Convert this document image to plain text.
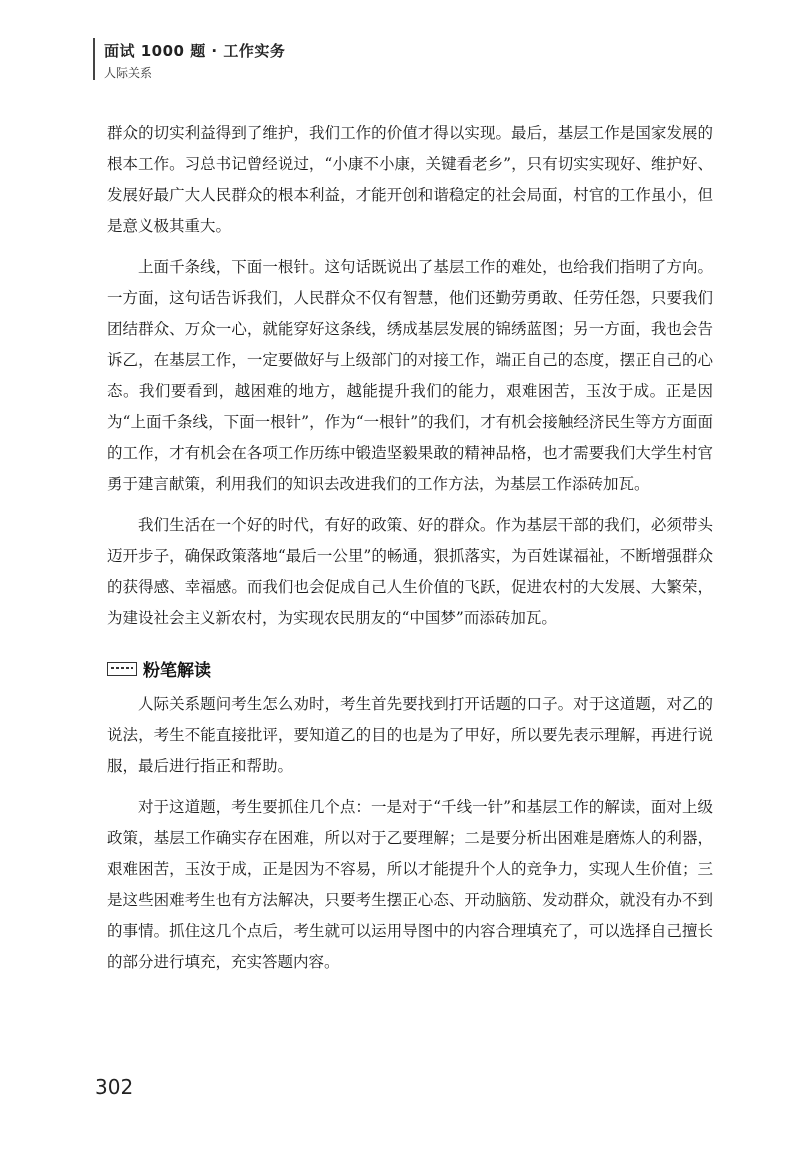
面试 1000 题 · 工作实务
人际关系

群众的切实利益得到了维护，我们工作的价值才得以实现。最后，基层工作是国家发展的根本工作。习总书记曾经说过，“小康不小康，关键看老乡”，只有切实实现好、维护好、发展好最广大人民群众的根本利益，才能开创和谐稳定的社会局面，村官的工作虽小，但是意义极其重大。

上面千条线，下面一根针。这句话既说出了基层工作的难处，也给我们指明了方向。一方面，这句话告诉我们，人民群众不仅有智慧，他们还勤劳勇敢、任劳任怨，只要我们团结群众、万众一心，就能穿好这条线，绣成基层发展的锦绣蓝图；另一方面，我也会告诉乙，在基层工作，一定要做好与上级部门的对接工作，端正自己的态度，摆正自己的心态。我们要看到，越困难的地方，越能提升我们的能力，艰难困苦，玉汝于成。正是因为“上面千条线，下面一根针”，作为“一根针”的我们，才有机会接触经济民生等方方面面的工作，才有机会在各项工作历练中锻造坚毅果敢的精神品格，也才需要我们大学生村官勇于建言献策，利用我们的知识去改进我们的工作方法，为基层工作添砖加瓦。

我们生活在一个好的时代，有好的政策、好的群众。作为基层干部的我们，必须带头迈开步子，确保政策落地“最后一公里”的畅通，狠抓落实，为百姓谋福祉，不断增强群众的获得感、幸福感。而我们也会促成自己人生价值的飞跃，促进农村的大发展、大繁荣，为建设社会主义新农村，为实现农民朋友的“中国梦”而添砖加瓦。

粉笔解读

人际关系题问考生怎么劝时，考生首先要找到打开话题的口子。对于这道题，对乙的说法，考生不能直接批评，要知道乙的目的也是为了甲好，所以要先表示理解，再进行说服，最后进行指正和帮助。

对于这道题，考生要抓住几个点：一是对于“千线一针”和基层工作的解读，面对上级政策，基层工作确实存在困难，所以对于乙要理解；二是要分析出困难是磨炼人的利器，艰难困苦，玉汝于成，正是因为不容易，所以才能提升个人的竞争力，实现人生价值；三是这些困难考生也有方法解决，只要考生摆正心态、开动脑筋、发动群众，就没有办不到的事情。抓住这几个点后，考生就可以运用导图中的内容合理填充了，可以选择自己擅长的部分进行填充，充实答题内容。

302
